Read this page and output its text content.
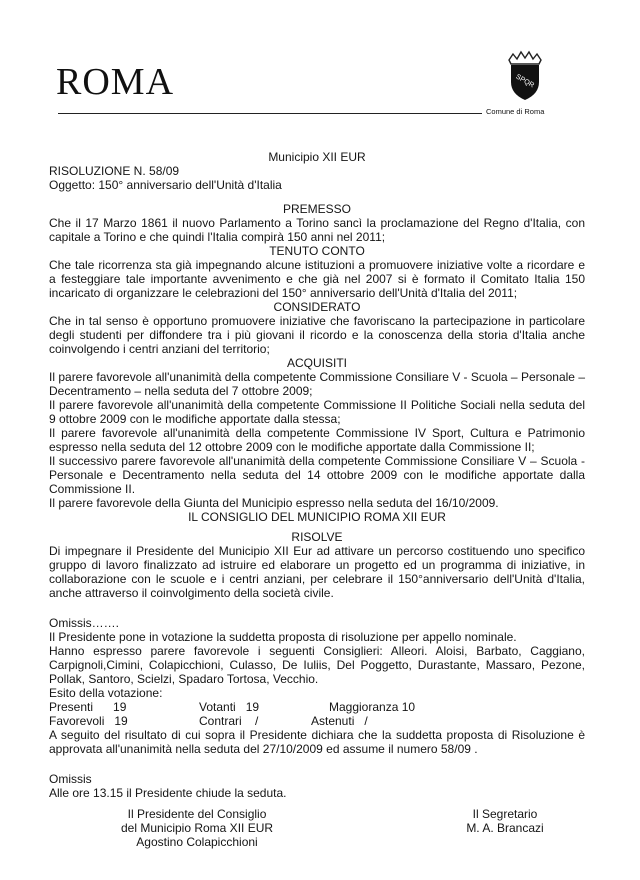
ROMA	SPQR
Comune di Roma
Municipio XII EUR
RISOLUZIONE N. 58/09
Oggetto: 150° anniversario dell'Unità d'Italia
PREMESSO
Che il 17 Marzo 1861 il nuovo Parlamento a Torino sancì la proclamazione del Regno d'Italia, con capitale a Torino e che quindi l'Italia compirà 150 anni nel 2011;
TENUTO CONTO
Che tale ricorrenza sta già impegnando alcune istituzioni a promuovere iniziative volte a ricordare e a festeggiare tale importante avvenimento e che già nel 2007 si è formato il Comitato Italia 150 incaricato di organizzare le celebrazioni del 150° anniversario dell'Unità d'Italia del 2011;
CONSIDERATO
Che in tal senso è opportuno promuovere iniziative che favoriscano la partecipazione in particolare degli studenti per diffondere tra i più giovani il ricordo e la conoscenza della storia d'Italia anche coinvolgendo i centri anziani del territorio;
ACQUISITI
Il parere favorevole all'unanimità della competente Commissione Consiliare V - Scuola – Personale – Decentramento – nella seduta del 7 ottobre 2009;
Il parere favorevole all'unanimità della competente Commissione II Politiche Sociali nella seduta del 9 ottobre 2009 con le modifiche apportate dalla stessa;
Il parere favorevole all'unanimità della competente Commissione IV Sport, Cultura e Patrimonio espresso nella seduta del 12 ottobre 2009 con le modifiche apportate dalla Commissione II;
Il successivo parere favorevole all'unanimità della competente Commissione Consiliare V – Scuola - Personale e Decentramento nella seduta del 14 ottobre 2009 con le modifiche apportate dalla Commissione II.
Il parere favorevole della Giunta del Municipio espresso nella seduta del 16/10/2009.
IL CONSIGLIO DEL MUNICIPIO ROMA XII EUR
RISOLVE
Di impegnare il Presidente del Municipio XII Eur ad attivare un percorso costituendo uno specifico gruppo di lavoro finalizzato ad istruire ed elaborare un progetto ed un programma di iniziative, in collaborazione con le scuole e i centri anziani, per celebrare il 150°anniversario dell'Unità d'Italia, anche attraverso il coinvolgimento della società civile.
Omissis…….
Il Presidente pone in votazione la suddetta proposta di risoluzione per appello nominale.
Hanno espresso parere favorevole i seguenti Consiglieri: Alleori. Aloisi, Barbato, Caggiano, Carpignoli,Cimini, Colapicchioni, Culasso, De Iuliis, Del Poggetto, Durastante, Massaro, Pezone, Pollak, Santoro, Scielzi, Spadaro Tortosa, Vecchio.
Esito della votazione:
Presenti 19	Votanti 19	Maggioranza 10
Favorevoli 19	Contrari /	Astenuti /
A seguito del risultato di cui sopra il Presidente dichiara che la suddetta proposta di Risoluzione è approvata all'unanimità nella seduta del 27/10/2009 ed assume il numero 58/09 .
Omissis
Alle ore 13.15 il Presidente chiude la seduta.
Il Presidente del Consiglio
del Municipio Roma XII EUR
Agostino Colapicchioni
Il Segretario
M. A. Brancazi
